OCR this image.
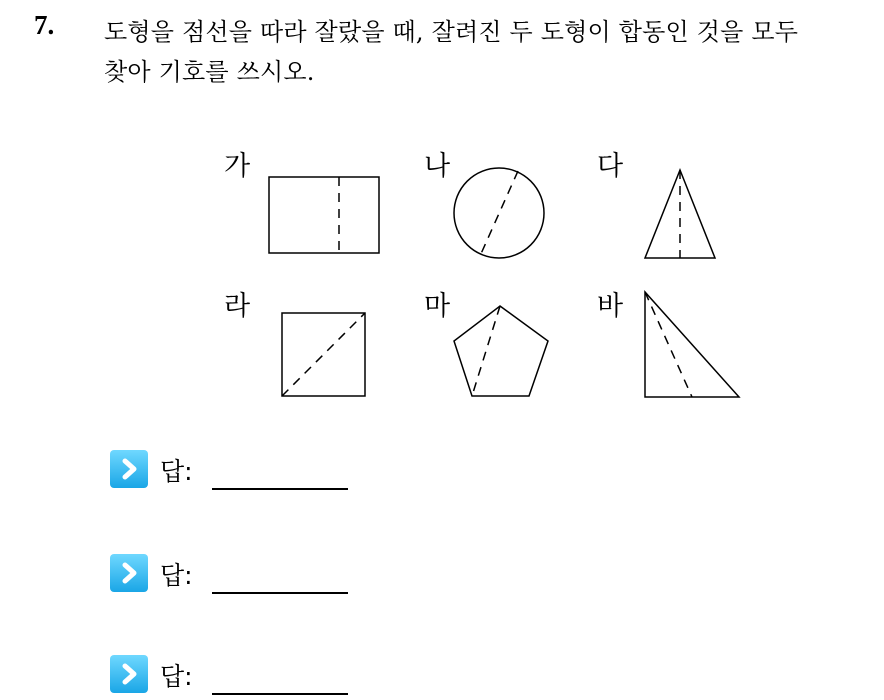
7. 도형을 점선을 따라 잘랐을 때, 잘려진 두 도형이 합동인 것을 모두
찾아 기호를 쓰시오.
가	나	다
라	마	바
답:
답:
답:
